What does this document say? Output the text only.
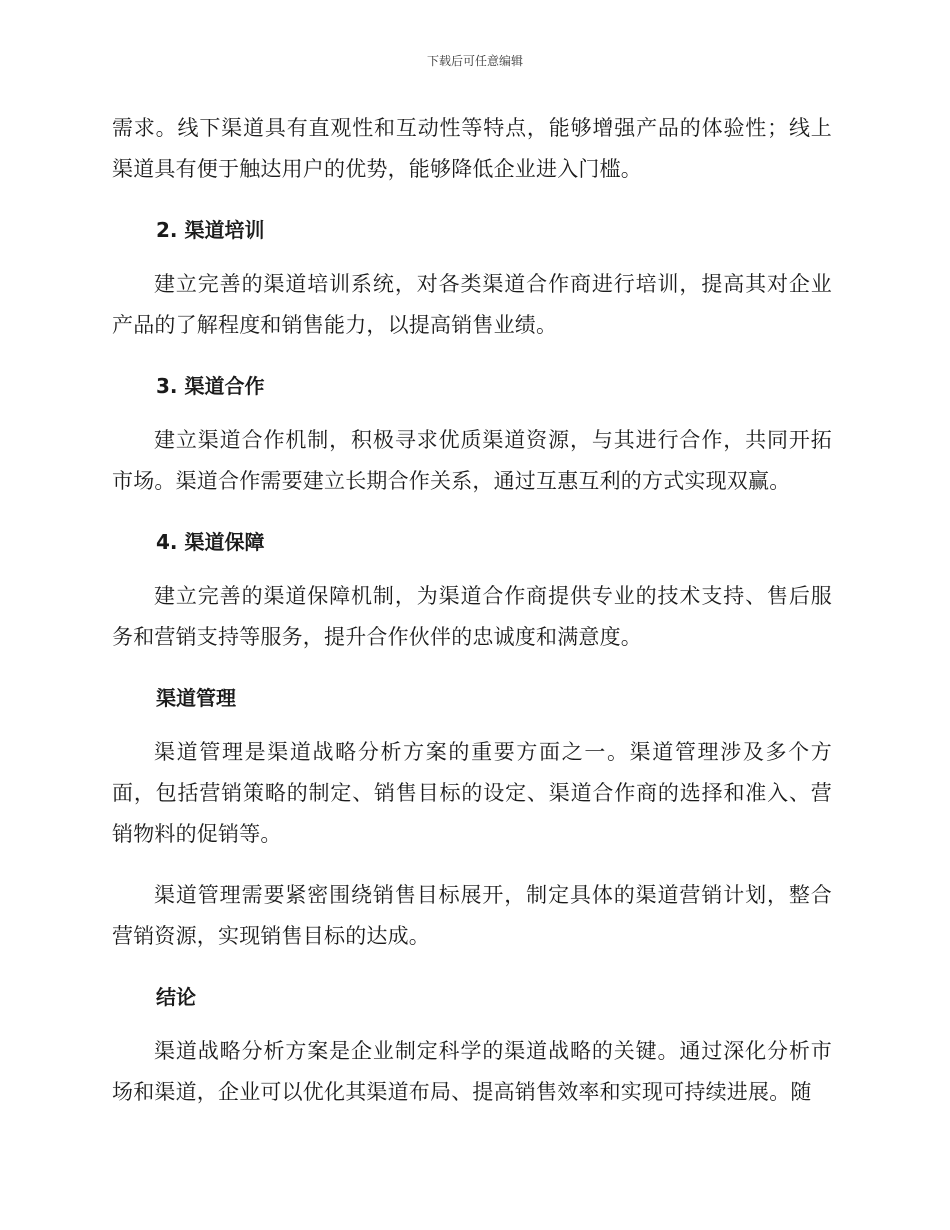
下载后可任意编辑

需求。线下渠道具有直观性和互动性等特点，能够增强产品的体验性；线上渠道具有便于触达用户的优势，能够降低企业进入门槛。

2. 渠道培训

建立完善的渠道培训系统，对各类渠道合作商进行培训，提高其对企业产品的了解程度和销售能力，以提高销售业绩。

3. 渠道合作

建立渠道合作机制，积极寻求优质渠道资源，与其进行合作，共同开拓市场。渠道合作需要建立长期合作关系，通过互惠互利的方式实现双赢。

4. 渠道保障

建立完善的渠道保障机制，为渠道合作商提供专业的技术支持、售后服务和营销支持等服务，提升合作伙伴的忠诚度和满意度。

渠道管理

渠道管理是渠道战略分析方案的重要方面之一。渠道管理涉及多个方面，包括营销策略的制定、销售目标的设定、渠道合作商的选择和准入、营销物料的促销等。

渠道管理需要紧密围绕销售目标展开，制定具体的渠道营销计划，整合营销资源，实现销售目标的达成。

结论

渠道战略分析方案是企业制定科学的渠道战略的关键。通过深化分析市场和渠道，企业可以优化其渠道布局、提高销售效率和实现可持续进展。随
